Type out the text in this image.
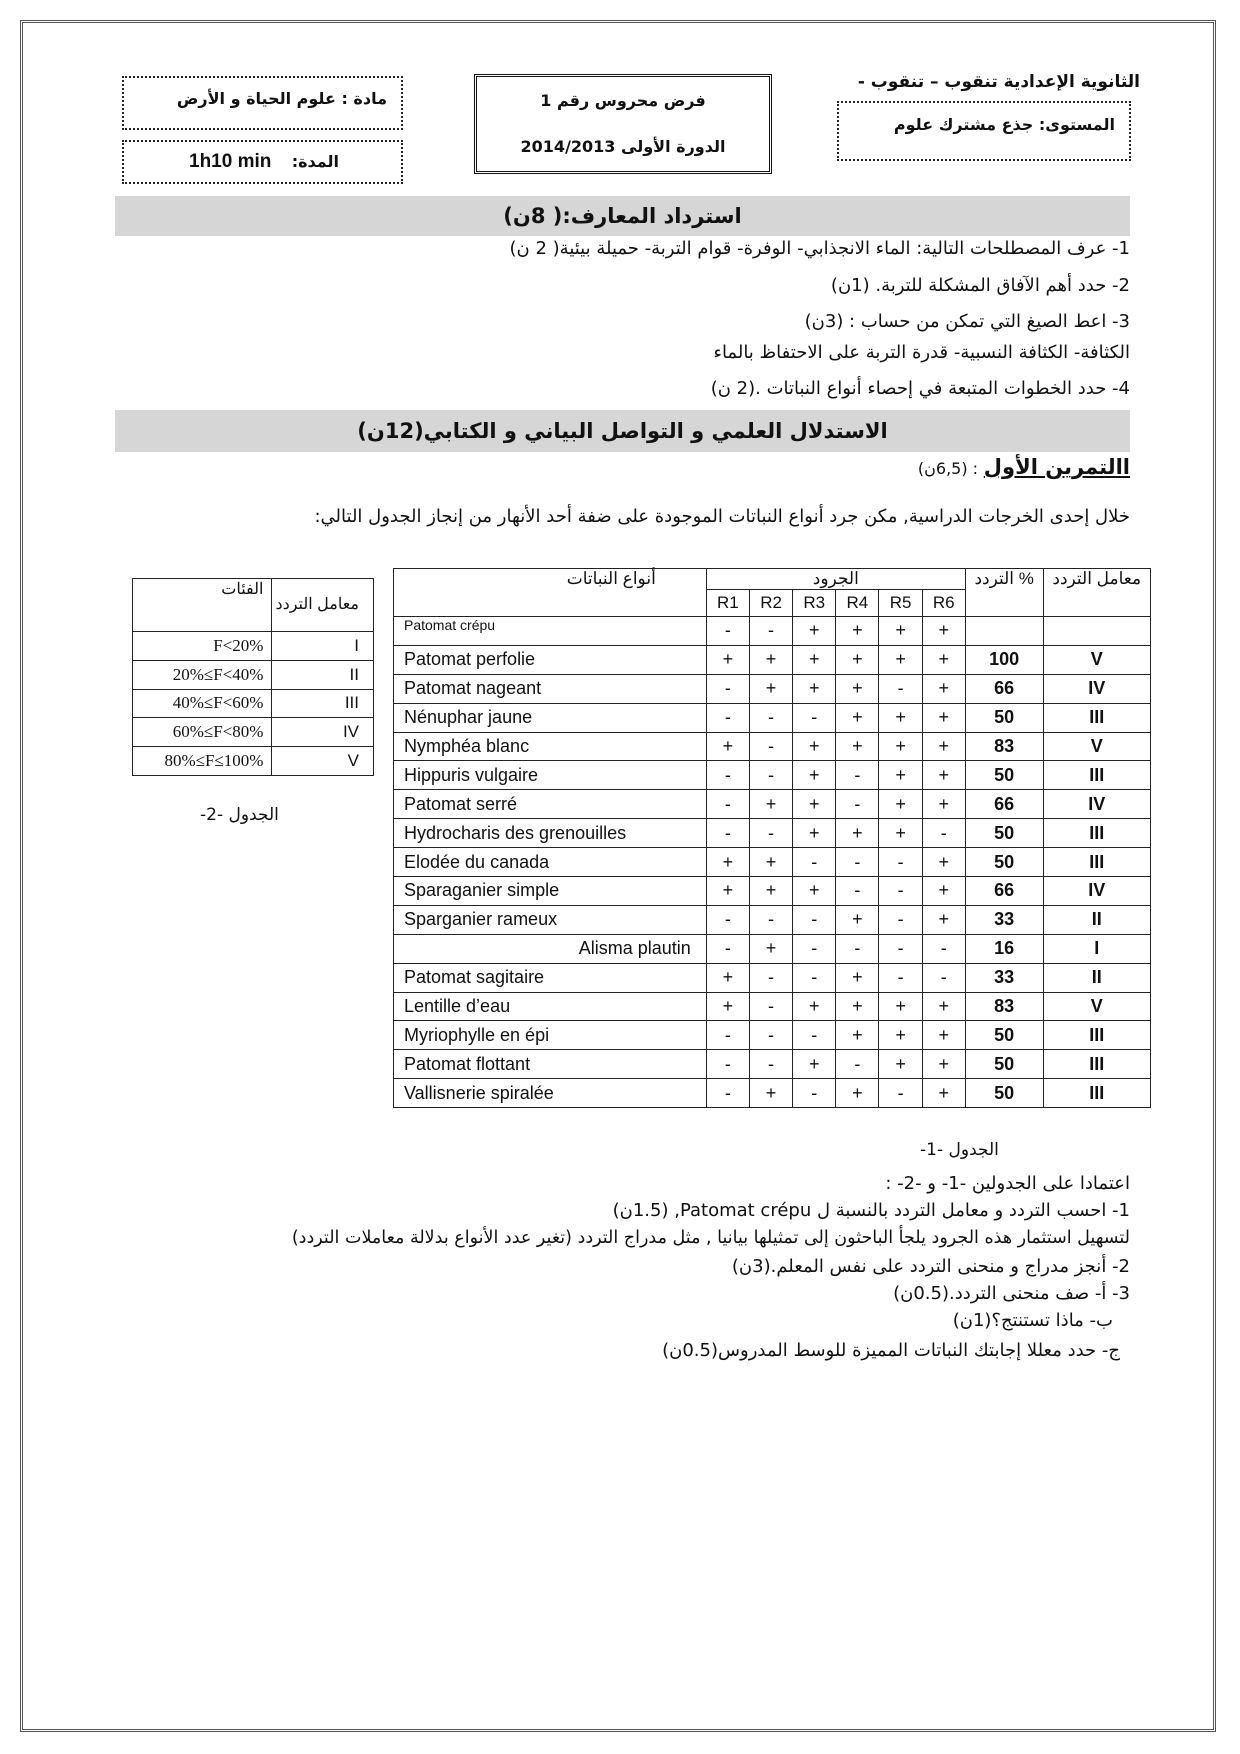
مادة : علوم الحياة و الأرض
المدة:
1h10 min
فرض محروس رقم 1
الدورة الأولى 2014/2013
الثانوية الإعدادية تنقوب – تنقوب -
المستوى: جذع مشترك علوم
استرداد المعارف:( 8ن)
1- عرف المصطلحات التالية: الماء الانجذابي- الوفرة- قوام التربة- حميلة بيئية( 2 ن)
2- حدد أهم الآفاق المشكلة للتربة. (1ن)
3- اعط الصيغ التي تمكن من حساب : (3ن)
الكثافة- الكثافة النسبية- قدرة التربة على الاحتفاظ بالماء
4- حدد الخطوات المتبعة في إحصاء أنواع النباتات .(2 ن)
الاستدلال العلمي و التواصل البياني و الكتابي(12ن)
االتمرين الأول : (6,5ن)
خلال إحدى الخرجات الدراسية, مكن جرد أنواع النباتات الموجودة على ضفة أحد الأنهار من إنجاز الجدول التالي:
أنواع النباتات	الجرود						التردد %	معامل التردد
	R1	R2	R3	R4	R5	R6		
Patomat crépu	-	-	+	+	+	+		
Patomat perfolie	+	+	+	+	+	+	100	V
Patomat nageant	-	+	+	+	-	+	66	IV
Nénuphar jaune	-	-	-	+	+	+	50	III
Nymphéa blanc	+	-	+	+	+	+	83	V
Hippuris vulgaire	-	-	+	-	+	+	50	III
Patomat serré	-	+	+	-	+	+	66	IV
Hydrocharis des grenouilles	-	-	+	+	+	-	50	III
Elodée du canada	+	+	-	-	-	+	50	III
Sparaganier simple	+	+	+	-	-	+	66	IV
Sparganier rameux	-	-	-	+	-	+	33	II
Alisma plautin	-	+	-	-	-	-	16	I
Patomat sagitaire	+	-	-	+	-	-	33	II
Lentille d’eau	+	-	+	+	+	+	83	V
Myriophylle en épi	-	-	-	+	+	+	50	III
Patomat flottant	-	-	+	-	+	+	50	III
Vallisnerie spiralée	-	+	-	+	-	+	50	III
الجدول -1-
الفئات	معامل التردد
F<20%	I
20%≤F<40%	II
40%≤F<60%	III
60%≤F<80%	IV
80%≤F≤100%	V
الجدول -2-
اعتمادا على الجدولين -1- و -2- :
1- احسب التردد و معامل التردد بالنسبة ل Patomat crépu, (1.5ن)
لتسهيل استثمار هذه الجرود يلجأ الباحثون إلى تمثيلها بيانيا , مثل مدراج التردد (تغير عدد الأنواع بدلالة معاملات التردد)
2- أنجز مدراج و منحنى التردد على نفس المعلم.(3ن)
3- أ- صف منحنى التردد.(0.5ن)
ب- ماذا تستنتج؟(1ن)
ج- حدد معللا إجابتك النباتات المميزة للوسط المدروس(0.5ن)
